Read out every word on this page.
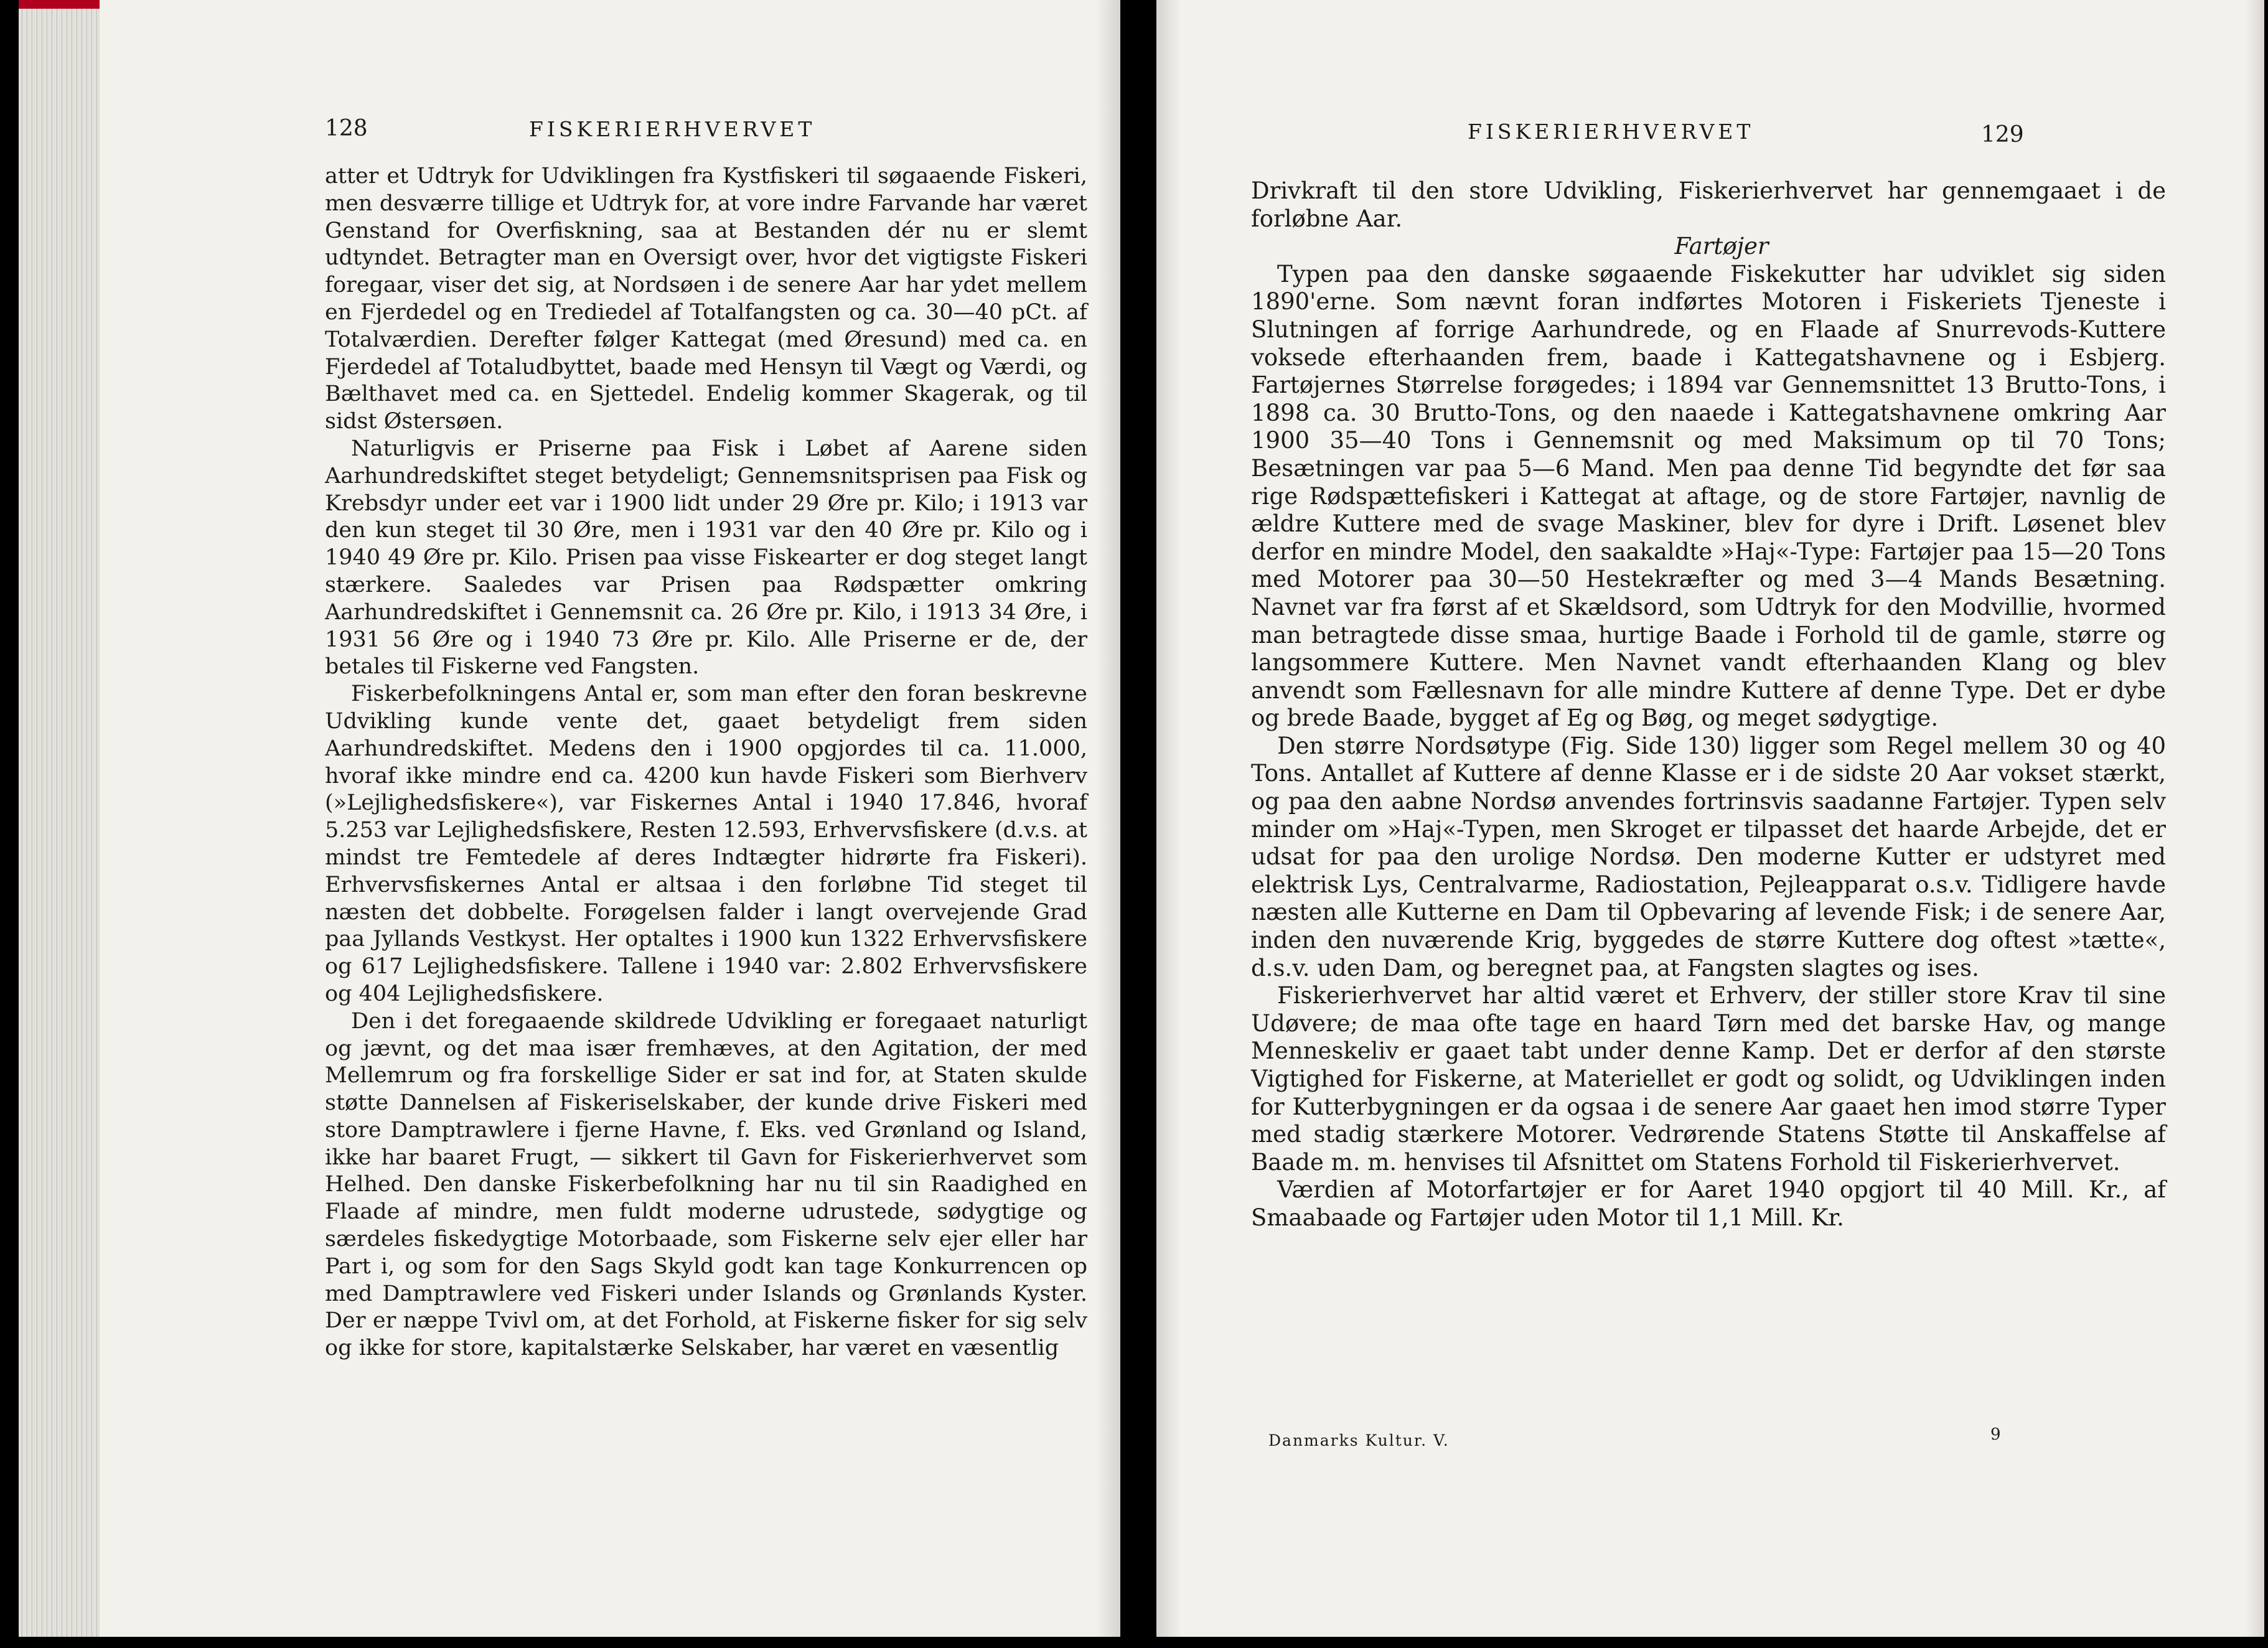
128	FISKERIERHVERVET

atter et Udtryk for Udviklingen fra Kystfiskeri til søgaaende Fiskeri, men desværre tillige et Udtryk for, at vore indre Farvande har været Genstand for Overfiskning, saa at Bestanden dér nu er slemt udtyndet. Betragter man en Oversigt over, hvor det vigtigste Fiskeri foregaar, viser det sig, at Nordsøen i de senere Aar har ydet mellem en Fjerdedel og en Trediedel af Totalfangsten og ca. 30—40 pCt. af Totalværdien. Derefter følger Kattegat (med Øresund) med ca. en Fjerdedel af Totaludbyttet, baade med Hensyn til Vægt og Værdi, og Bælthavet med ca. en Sjettedel. Endelig kommer Skagerak, og til sidst Østersøen.

Naturligvis er Priserne paa Fisk i Løbet af Aarene siden Aarhundredskiftet steget betydeligt; Gennemsnitsprisen paa Fisk og Krebsdyr under eet var i 1900 lidt under 29 Øre pr. Kilo; i 1913 var den kun steget til 30 Øre, men i 1931 var den 40 Øre pr. Kilo og i 1940 49 Øre pr. Kilo. Prisen paa visse Fiskearter er dog steget langt stærkere. Saaledes var Prisen paa Rødspætter omkring Aarhundredskiftet i Gennemsnit ca. 26 Øre pr. Kilo, i 1913 34 Øre, i 1931 56 Øre og i 1940 73 Øre pr. Kilo. Alle Priserne er de, der betales til Fiskerne ved Fangsten.

Fiskerbefolkningens Antal er, som man efter den foran beskrevne Udvikling kunde vente det, gaaet betydeligt frem siden Aarhundredskiftet. Medens den i 1900 opgjordes til ca. 11.000, hvoraf ikke mindre end ca. 4200 kun havde Fiskeri som Bierhverv (»Lejlighedsfiskere«), var Fiskernes Antal i 1940 17.846, hvoraf 5.253 var Lejlighedsfiskere, Resten 12.593, Erhvervsfiskere (d.v.s. at mindst tre Femtedele af deres Indtægter hidrørte fra Fiskeri). Erhvervsfiskernes Antal er altsaa i den forløbne Tid steget til næsten det dobbelte. Forøgelsen falder i langt overvejende Grad paa Jyllands Vestkyst. Her optaltes i 1900 kun 1322 Erhvervsfiskere og 617 Lejlighedsfiskere. Tallene i 1940 var: 2.802 Erhvervsfiskere og 404 Lejlighedsfiskere.

Den i det foregaaende skildrede Udvikling er foregaaet naturligt og jævnt, og det maa især fremhæves, at den Agitation, der med Mellemrum og fra forskellige Sider er sat ind for, at Staten skulde støtte Dannelsen af Fiskeriselskaber, der kunde drive Fiskeri med store Damptrawlere i fjerne Havne, f. Eks. ved Grønland og Island, ikke har baaret Frugt, — sikkert til Gavn for Fiskerierhvervet som Helhed. Den danske Fiskerbefolkning har nu til sin Raadighed en Flaade af mindre, men fuldt moderne udrustede, sødygtige og særdeles fiskedygtige Motorbaade, som Fiskerne selv ejer eller har Part i, og som for den Sags Skyld godt kan tage Konkurrencen op med Damptrawlere ved Fiskeri under Islands og Grønlands Kyster. Der er næppe Tvivl om, at det Forhold, at Fiskerne fisker for sig selv og ikke for store, kapitalstærke Selskaber, har været en væsentlig

FISKERIERHVERVET	129

Drivkraft til den store Udvikling, Fiskerierhvervet har gennemgaaet i de forløbne Aar.

Fartøjer

Typen paa den danske søgaaende Fiskekutter har udviklet sig siden 1890'erne. Som nævnt foran indførtes Motoren i Fiskeriets Tjeneste i Slutningen af forrige Aarhundrede, og en Flaade af Snurrevods-Kuttere voksede efterhaanden frem, baade i Kattegatshavnene og i Esbjerg. Fartøjernes Størrelse forøgedes; i 1894 var Gennemsnittet 13 Brutto-Tons, i 1898 ca. 30 Brutto-Tons, og den naaede i Kattegatshavnene omkring Aar 1900 35—40 Tons i Gennemsnit og med Maksimum op til 70 Tons; Besætningen var paa 5—6 Mand. Men paa denne Tid begyndte det før saa rige Rødspættefiskeri i Kattegat at aftage, og de store Fartøjer, navnlig de ældre Kuttere med de svage Maskiner, blev for dyre i Drift. Løsenet blev derfor en mindre Model, den saakaldte »Haj«-Type: Fartøjer paa 15—20 Tons med Motorer paa 30—50 Hestekræfter og med 3—4 Mands Besætning. Navnet var fra først af et Skældsord, som Udtryk for den Modvillie, hvormed man betragtede disse smaa, hurtige Baade i Forhold til de gamle, større og langsommere Kuttere. Men Navnet vandt efterhaanden Klang og blev anvendt som Fællesnavn for alle mindre Kuttere af denne Type. Det er dybe og brede Baade, bygget af Eg og Bøg, og meget sødygtige.

Den større Nordsøtype (Fig. Side 130) ligger som Regel mellem 30 og 40 Tons. Antallet af Kuttere af denne Klasse er i de sidste 20 Aar vokset stærkt, og paa den aabne Nordsø anvendes fortrinsvis saadanne Fartøjer. Typen selv minder om »Haj«-Typen, men Skroget er tilpasset det haarde Arbejde, det er udsat for paa den urolige Nordsø. Den moderne Kutter er udstyret med elektrisk Lys, Centralvarme, Radiostation, Pejleapparat o.s.v. Tidligere havde næsten alle Kutterne en Dam til Opbevaring af levende Fisk; i de senere Aar, inden den nuværende Krig, byggedes de større Kuttere dog oftest »tætte«, d.s.v. uden Dam, og beregnet paa, at Fangsten slagtes og ises.

Fiskerierhvervet har altid været et Erhverv, der stiller store Krav til sine Udøvere; de maa ofte tage en haard Tørn med det barske Hav, og mange Menneskeliv er gaaet tabt under denne Kamp. Det er derfor af den største Vigtighed for Fiskerne, at Materiellet er godt og solidt, og Udviklingen inden for Kutterbygningen er da ogsaa i de senere Aar gaaet hen imod større Typer med stadig stærkere Motorer. Vedrørende Statens Støtte til Anskaffelse af Baade m. m. henvises til Afsnittet om Statens Forhold til Fiskerierhvervet.

Værdien af Motorfartøjer er for Aaret 1940 opgjort til 40 Mill. Kr., af Smaabaade og Fartøjer uden Motor til 1,1 Mill. Kr.

Danmarks Kultur. V.	9
